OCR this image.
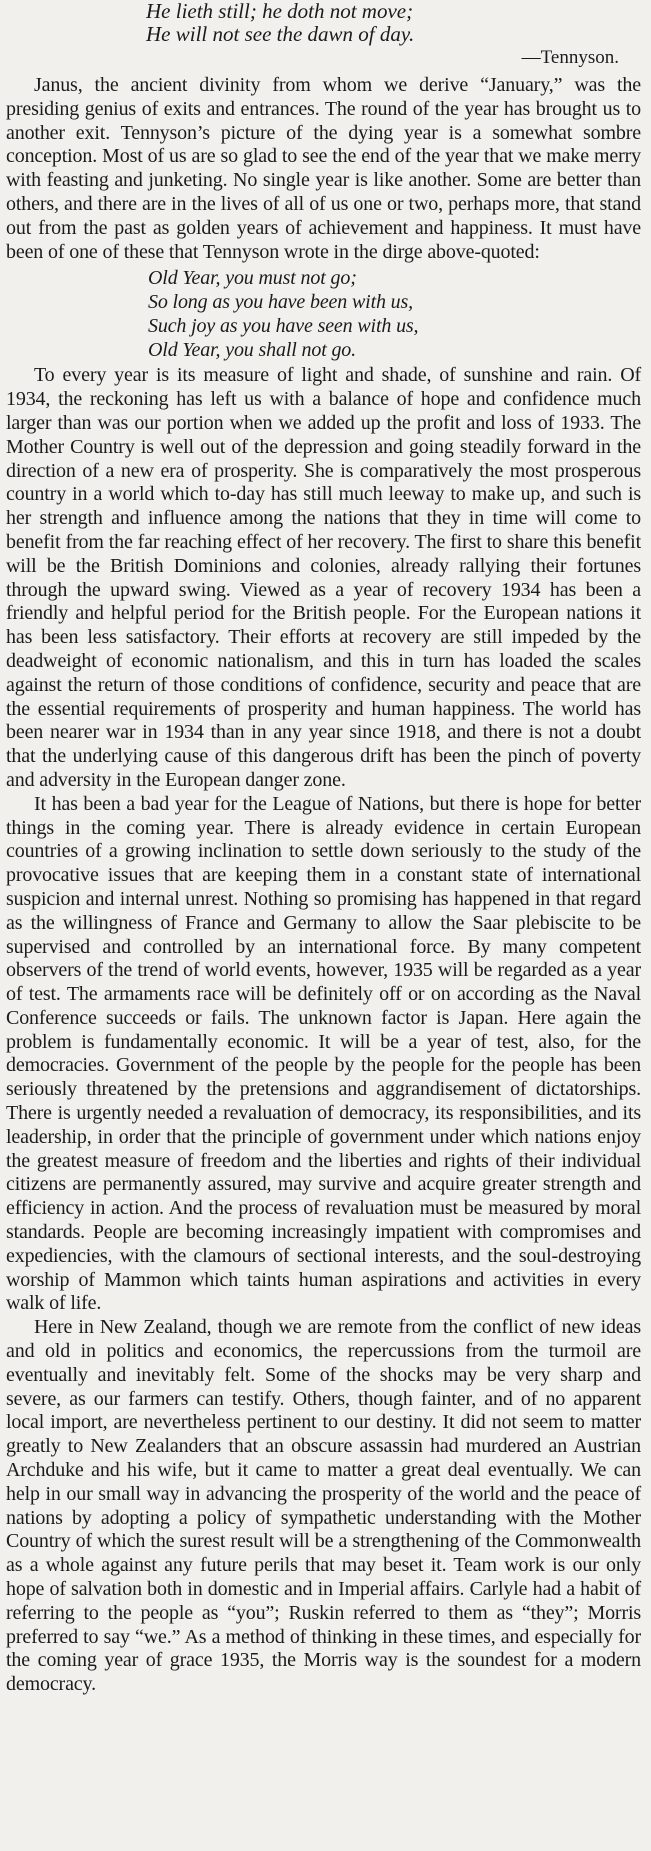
He lieth still; he doth not move;
He will not see the dawn of day.
—Tennyson.

Janus, the ancient divinity from whom we derive “January,” was the presiding genius of exits and entrances. The round of the year has brought us to another exit. Tennyson’s picture of the dying year is a somewhat sombre conception. Most of us are so glad to see the end of the year that we make merry with feasting and junketing. No single year is like another. Some are better than others, and there are in the lives of all of us one or two, perhaps more, that stand out from the past as golden years of achievement and happiness. It must have been of one of these that Tennyson wrote in the dirge above-quoted:

Old Year, you must not go;
So long as you have been with us,
Such joy as you have seen with us,
Old Year, you shall not go.

To every year is its measure of light and shade, of sunshine and rain. Of 1934, the reckoning has left us with a balance of hope and confidence much larger than was our portion when we added up the profit and loss of 1933. The Mother Country is well out of the depression and going steadily forward in the direction of a new era of prosperity. She is comparatively the most prosperous country in a world which to-day has still much leeway to make up, and such is her strength and influence among the nations that they in time will come to benefit from the far reaching effect of her recovery. The first to share this benefit will be the British Dominions and colonies, already rallying their fortunes through the upward swing. Viewed as a year of recovery 1934 has been a friendly and helpful period for the British people. For the European nations it has been less satisfactory. Their efforts at recovery are still impeded by the deadweight of economic nationalism, and this in turn has loaded the scales against the return of those conditions of confidence, security and peace that are the essential requirements of prosperity and human happiness. The world has been nearer war in 1934 than in any year since 1918, and there is not a doubt that the underlying cause of this dangerous drift has been the pinch of poverty and adversity in the European danger zone.

It has been a bad year for the League of Nations, but there is hope for better things in the coming year. There is already evidence in certain European countries of a growing inclination to settle down seriously to the study of the provocative issues that are keeping them in a constant state of international suspicion and internal unrest. Nothing so promising has happened in that regard as the willingness of France and Germany to allow the Saar plebiscite to be supervised and controlled by an international force. By many competent observers of the trend of world events, however, 1935 will be regarded as a year of test. The armaments race will be definitely off or on according as the Naval Conference succeeds or fails. The unknown factor is Japan. Here again the problem is fundamentally economic. It will be a year of test, also, for the democracies. Government of the people by the people for the people has been seriously threatened by the pretensions and aggrandisement of dictatorships. There is urgently needed a revaluation of democracy, its responsibilities, and its leadership, in order that the principle of government under which nations enjoy the greatest measure of freedom and the liberties and rights of their individual citizens are permanently assured, may survive and acquire greater strength and efficiency in action. And the process of revaluation must be measured by moral standards. People are becoming increasingly impatient with compromises and expediencies, with the clamours of sectional interests, and the soul-destroying worship of Mammon which taints human aspirations and activities in every walk of life.

Here in New Zealand, though we are remote from the conflict of new ideas and old in politics and economics, the repercussions from the turmoil are eventually and inevitably felt. Some of the shocks may be very sharp and severe, as our farmers can testify. Others, though fainter, and of no apparent local import, are nevertheless pertinent to our destiny. It did not seem to matter greatly to New Zealanders that an obscure assassin had murdered an Austrian Archduke and his wife, but it came to matter a great deal eventually. We can help in our small way in advancing the prosperity of the world and the peace of nations by adopting a policy of sympathetic understanding with the Mother Country of which the surest result will be a strengthening of the Commonwealth as a whole against any future perils that may beset it. Team work is our only hope of salvation both in domestic and in Imperial affairs. Carlyle had a habit of referring to the people as “you”; Ruskin referred to them as “they”; Morris preferred to say “we.” As a method of thinking in these times, and especially for the coming year of grace 1935, the Morris way is the soundest for a modern democracy.
